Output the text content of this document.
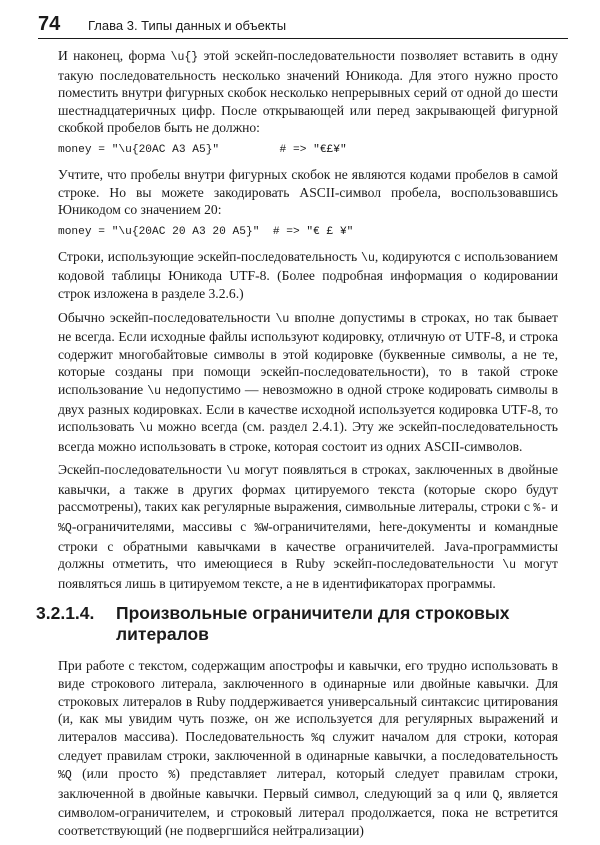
74 Глава 3. Типы данных и объекты

И наконец, форма \u{} этой эскейп-последовательности позволяет вставить в одну такую последовательность несколько значений Юникода. Для этого нужно просто поместить внутри фигурных скобок несколько непрерывных серий от одной до шести шестнадцатеричных цифр. После открывающей или перед закрывающей фигурной скобкой пробелов быть не должно:

money = "\u{20AC A3 A5}"         # => "€£¥"

Учтите, что пробелы внутри фигурных скобок не являются кодами пробелов в самой строке. Но вы можете закодировать ASCII-символ пробела, воспользовавшись Юникодом со значением 20:

money = "\u{20AC 20 A3 20 A5}"  # => "€ £ ¥"

Строки, использующие эскейп-последовательность \u, кодируются с использованием кодовой таблицы Юникода UTF-8. (Более подробная информация о кодировании строк изложена в разделе 3.2.6.)

Обычно эскейп-последовательности \u вполне допустимы в строках, но так бывает не всегда. Если исходные файлы используют кодировку, отличную от UTF-8, и строка содержит многобайтовые символы в этой кодировке (буквенные символы, а не те, которые созданы при помощи эскейп-последовательности), то в такой строке использование \u недопустимо — невозможно в одной строке кодировать символы в двух разных кодировках. Если в качестве исходной используется кодировка UTF-8, то использовать \u можно всегда (см. раздел 2.4.1). Эту же эскейп-последовательность всегда можно использовать в строке, которая состоит из одних ASCII-символов.

Эскейп-последовательности \u могут появляться в строках, заключенных в двойные кавычки, а также в других формах цитируемого текста (которые скоро будут рассмотрены), таких как регулярные выражения, символьные литералы, строки с %- и %Q-ограничителями, массивы с %W-ограничителями, here-документы и командные строки с обратными кавычками в качестве ограничителей. Java-программисты должны отметить, что имеющиеся в Ruby эскейп-последовательности \u могут появляться лишь в цитируемом тексте, а не в идентификаторах программы.

3.2.1.4. Произвольные ограничители для строковых
литералов

При работе с текстом, содержащим апострофы и кавычки, его трудно использовать в виде строкового литерала, заключенного в одинарные или двойные кавычки. Для строковых литералов в Ruby поддерживается универсальный синтаксис цитирования (и, как мы увидим чуть позже, он же используется для регулярных выражений и литералов массива). Последовательность %q служит началом для строки, которая следует правилам строки, заключенной в одинарные кавычки, а последовательность %Q (или просто %) представляет литерал, который следует правилам строки, заключенной в двойные кавычки. Первый символ, следующий за q или Q, является символом-ограничителем, и строковый литерал продолжается, пока не встретится соответствующий (не подвергшийся нейтрализации)
